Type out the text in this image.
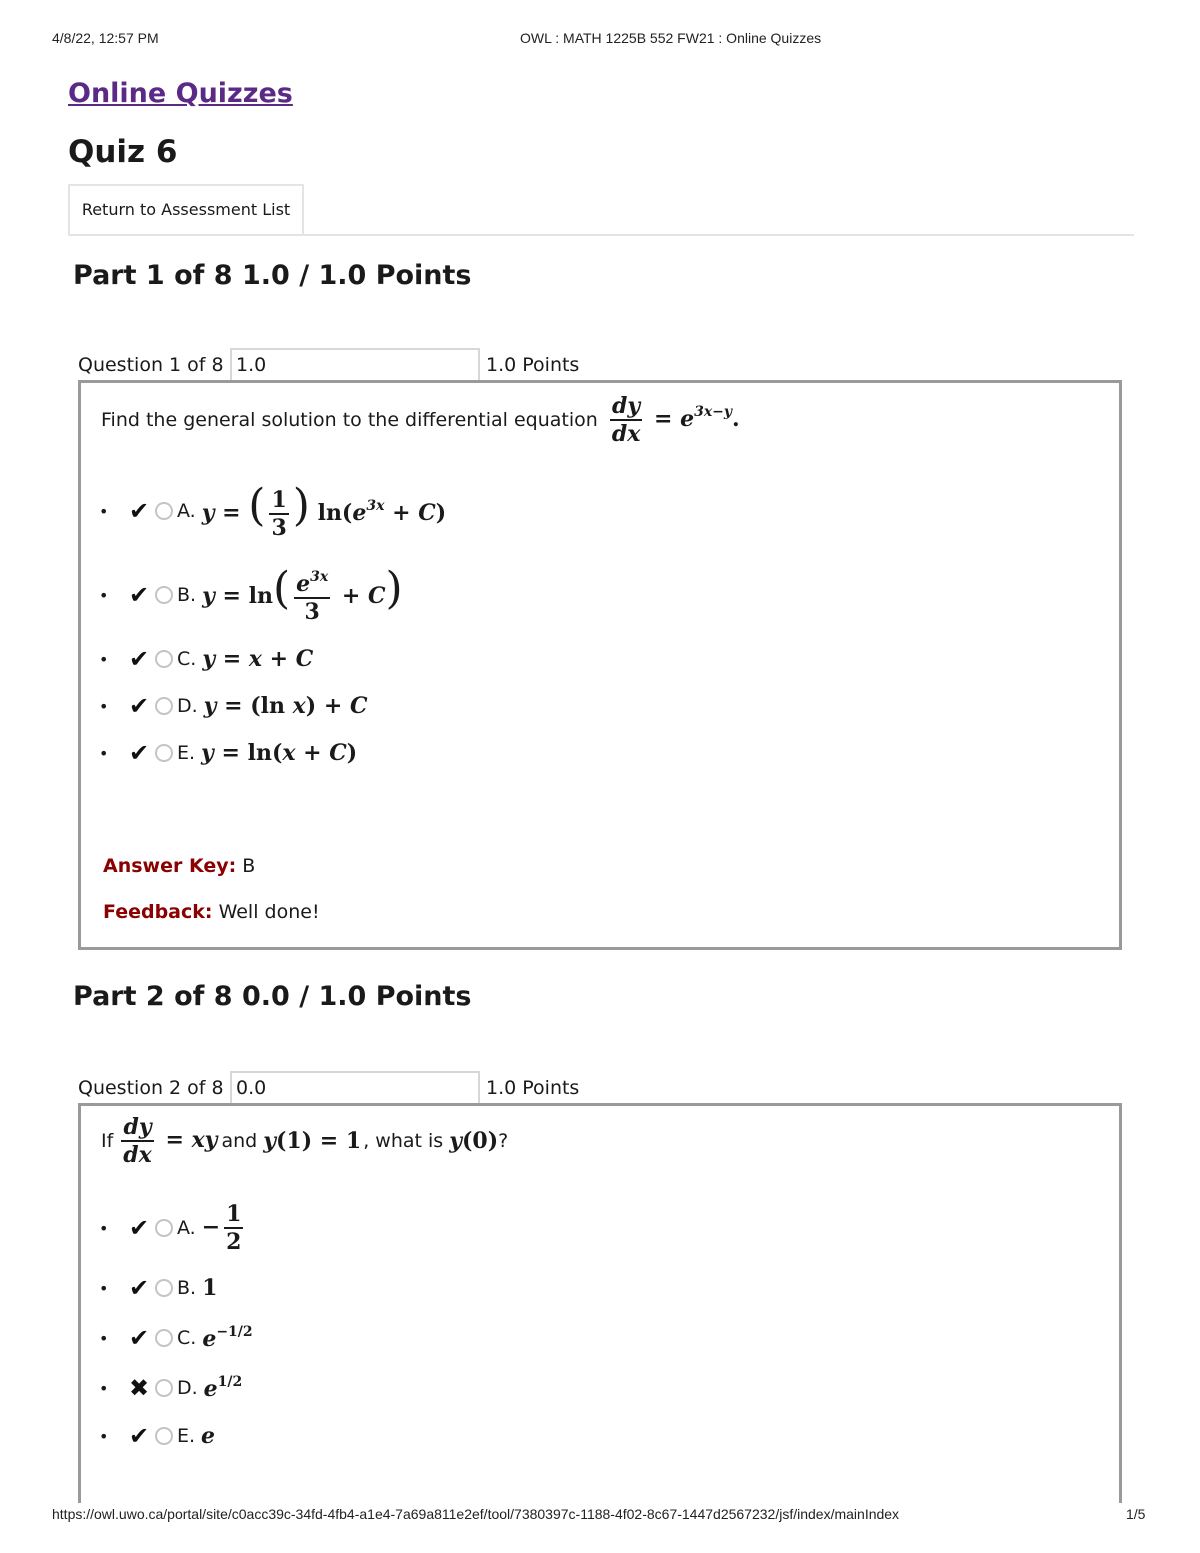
4/8/22, 12:57 PM	OWL : MATH 1225B 552 FW21 : Online Quizzes
Online Quizzes
Quiz 6
Return to Assessment List
Part 1 of 8 1.0 / 1.0 Points
Question 1 of 8 1.0	1.0 Points
Find the general solution to the differential equation $\frac{dy}{dx} = e^{3x-y}$.
• ✔ A. y = ( $\frac{1}{3}$ ) $\ln(e^{3x} + C)$
• ✔ B. $y = \ln( \frac{e^{3x}}{3} + C)$
• ✔ C. y = x + C
• ✔ D. y = (ln x) + C
• ✔ E. y = ln(x + C)
Answer Key: B
Feedback: Well done!
Part 2 of 8 0.0 / 1.0 Points
Question 2 of 8 0.0	1.0 Points
If $\frac{dy}{dx}$ = xy and y(1) = 1 , what is y(0) ?
• ✔ A. − $\frac{1}{2}$
• ✔ B. 1
• ✔ C. $e^{-1/2}$
• ✖ D. $e^{1/2}$
• ✔ E. e
https://owl.uwo.ca/portal/site/c0acc39c-34fd-4fb4-a1e4-7a69a811e2ef/tool/7380397c-1188-4f02-8c67-1447d2567232/jsf/index/mainIndex	1/5
